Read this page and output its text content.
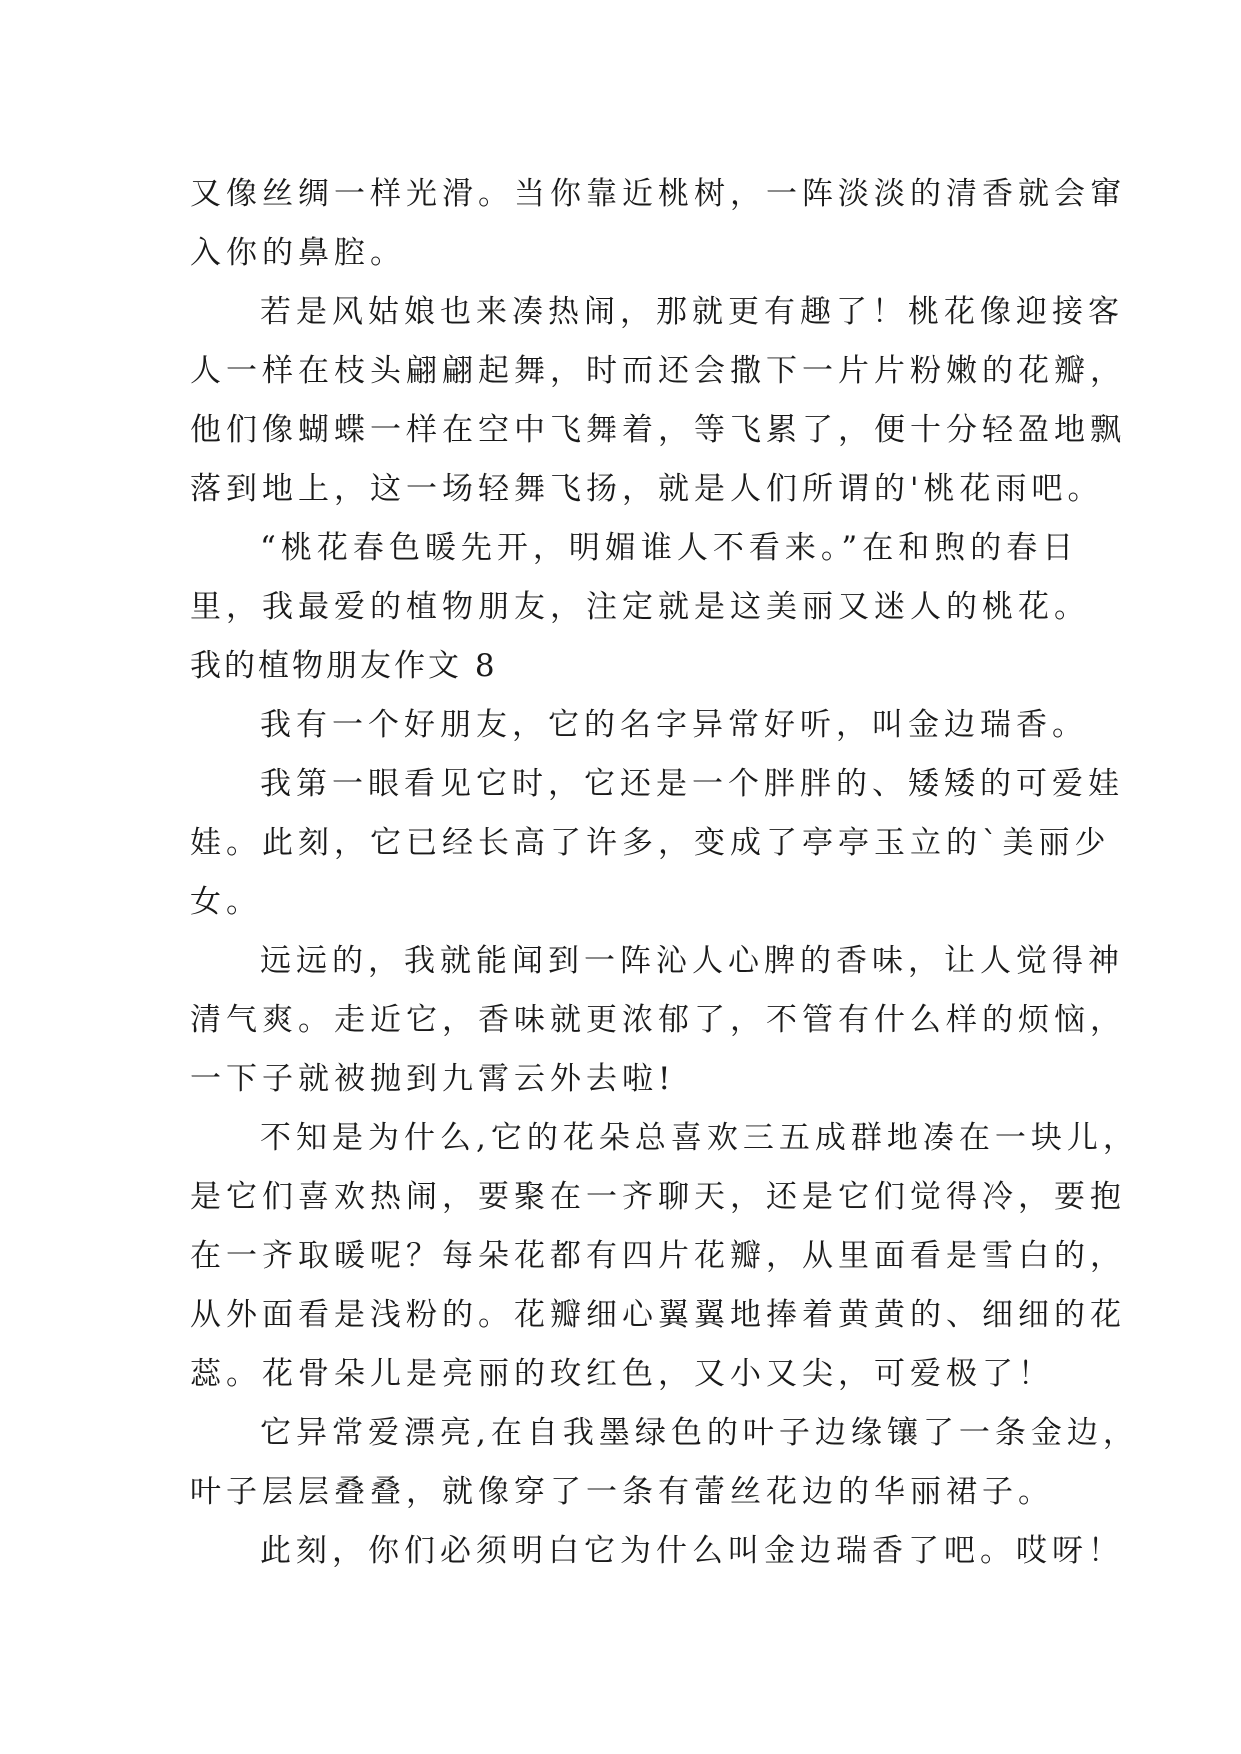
又像丝绸一样光滑。当你靠近桃树，一阵淡淡的清香就会窜
入你的鼻腔。
若是风姑娘也来凑热闹，那就更有趣了！桃花像迎接客
人一样在枝头翩翩起舞，时而还会撒下一片片粉嫩的花瓣，
他们像蝴蝶一样在空中飞舞着，等飞累了，便十分轻盈地飘
落到地上，这一场轻舞飞扬，就是人们所谓的'桃花雨吧。
“桃花春色暖先开，明媚谁人不看来。”在和煦的春日
里，我最爱的植物朋友，注定就是这美丽又迷人的桃花。
我的植物朋友作文 8
我有一个好朋友，它的名字异常好听，叫金边瑞香。
我第一眼看见它时，它还是一个胖胖的、矮矮的可爱娃
娃。此刻，它已经长高了许多，变成了亭亭玉立的`美丽少
女。
远远的，我就能闻到一阵沁人心脾的香味，让人觉得神
清气爽。走近它，香味就更浓郁了，不管有什么样的烦恼，
一下子就被抛到九霄云外去啦!
不知是为什么,它的花朵总喜欢三五成群地凑在一块儿，
是它们喜欢热闹，要聚在一齐聊天，还是它们觉得冷，要抱
在一齐取暖呢？每朵花都有四片花瓣，从里面看是雪白的，
从外面看是浅粉的。花瓣细心翼翼地捧着黄黄的、细细的花
蕊。花骨朵儿是亮丽的玫红色，又小又尖，可爱极了！
它异常爱漂亮,在自我墨绿色的叶子边缘镶了一条金边，
叶子层层叠叠，就像穿了一条有蕾丝花边的华丽裙子。
此刻，你们必须明白它为什么叫金边瑞香了吧。哎呀！
